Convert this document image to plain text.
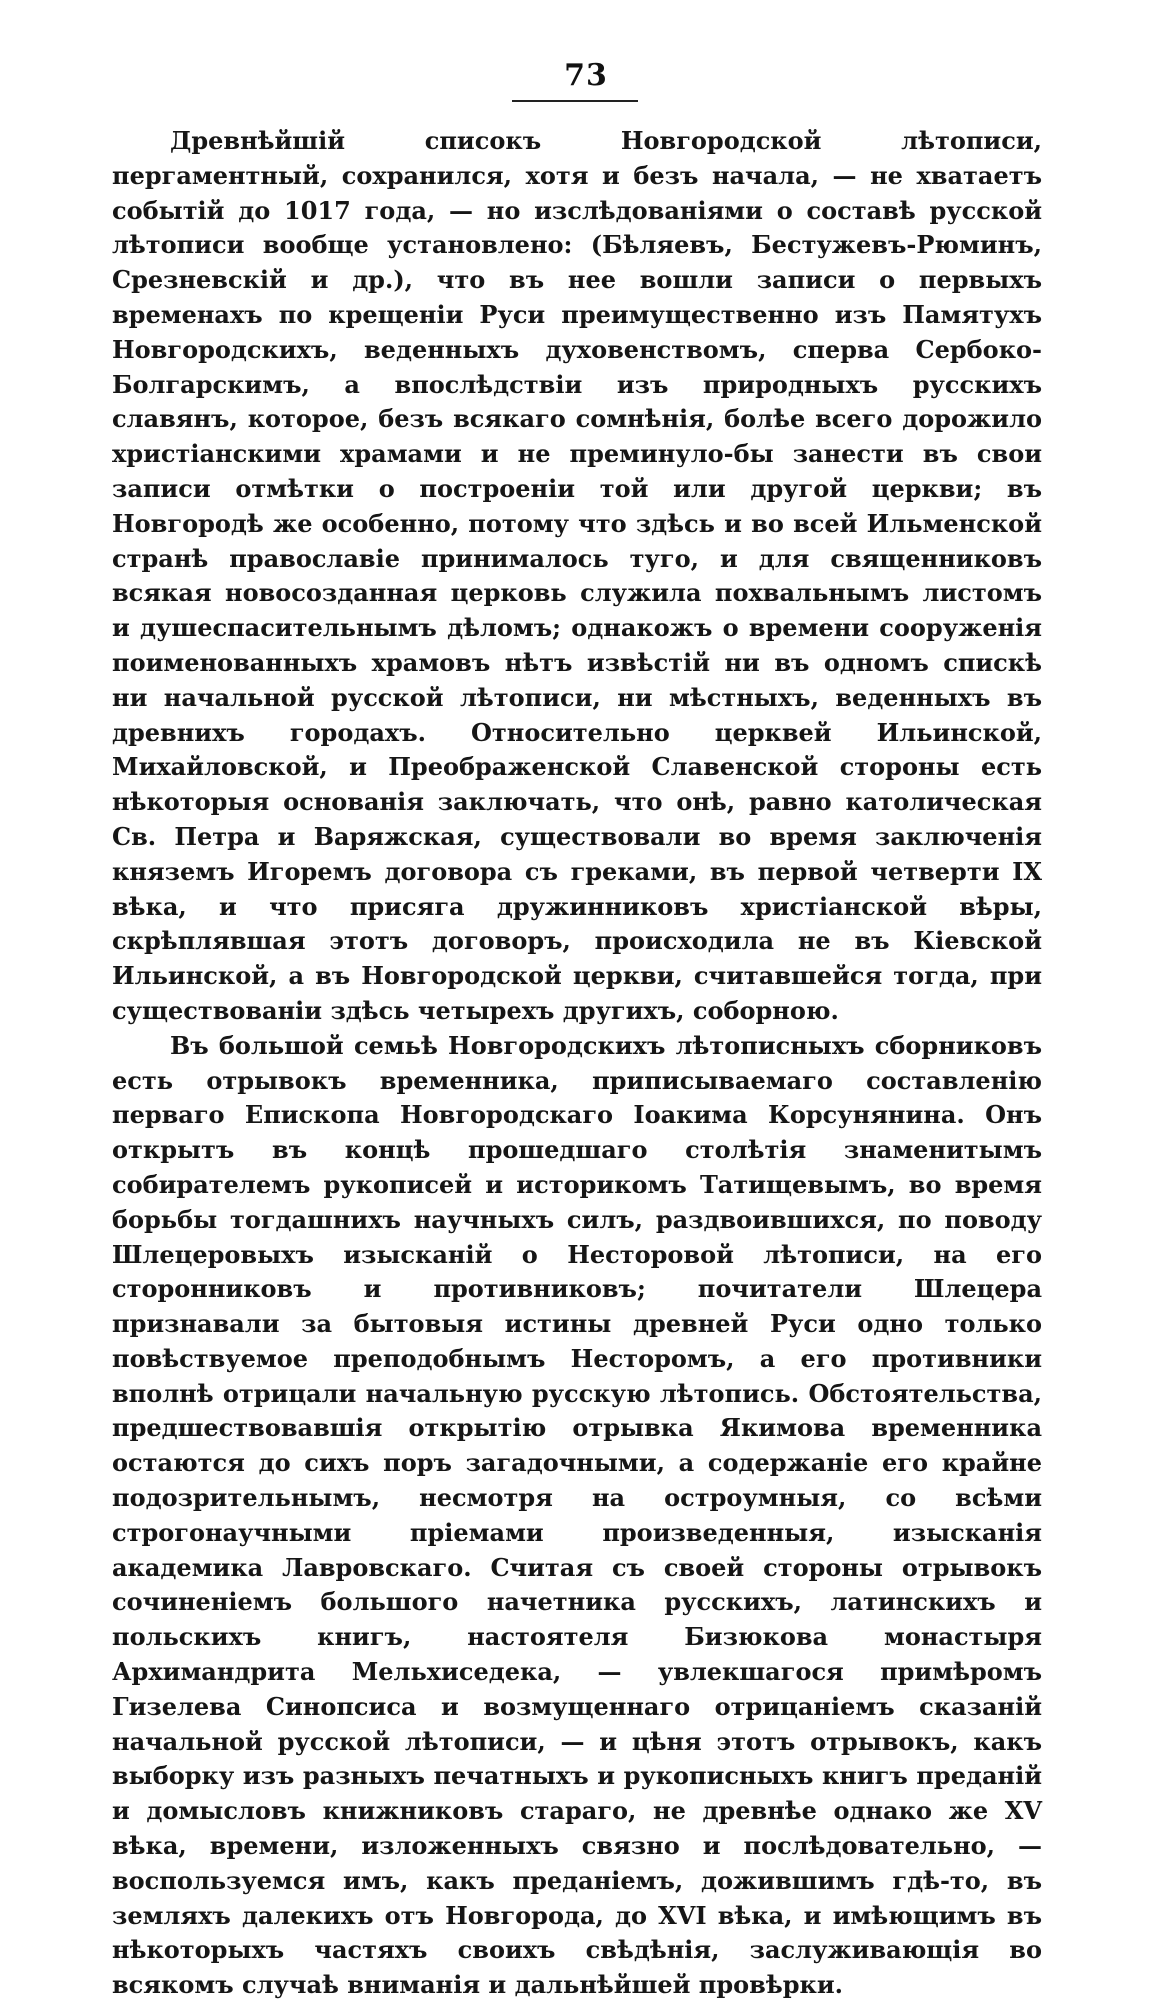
73

Древнѣйшій списокъ Новгородской лѣтописи, пергаментный, сохранился, хотя и безъ начала, — не хватаетъ событій до 1017 года, — но изслѣдованіями о составѣ русской лѣтописи вообще установлено: (Бѣляевъ, Бестужевъ-Рюминъ, Срезневскій и др.), что въ нее вошли записи о первыхъ временахъ по крещеніи Руси преимущественно изъ Памятухъ Новгородскихъ, веденныхъ духовенствомъ, сперва Сербоко-Болгарскимъ, а впослѣдствіи изъ природныхъ русскихъ славянъ, которое, безъ всякаго сомнѣнія, болѣе всего дорожило христіанскими храмами и не преминуло-бы занести въ свои записи отмѣтки о построеніи той или другой церкви; въ Новгородѣ же особенно, потому что здѣсь и во всей Ильменской странѣ православіе принималось туго, и для священниковъ всякая новосозданная церковь служила похвальнымъ листомъ и душеспасительнымъ дѣломъ; однакожъ о времени сооруженія поименованныхъ храмовъ нѣтъ извѣстій ни въ одномъ спискѣ ни начальной русской лѣтописи, ни мѣстныхъ, веденныхъ въ древнихъ городахъ. Относительно церквей Ильинской, Михайловской, и Преображенской Славенской стороны есть нѣкоторыя основанія заключать, что онѣ, равно католическая Св. Петра и Варяжская, существовали во время заключенія княземъ Игоремъ договора съ греками, въ первой четверти IX вѣка, и что присяга дружинниковъ христіанской вѣры, скрѣплявшая этотъ договоръ, происходила не въ Кіевской Ильинской, а въ Новгородской церкви, считавшейся тогда, при существованіи здѣсь четырехъ другихъ, соборною.

Въ большой семьѣ Новгородскихъ лѣтописныхъ сборниковъ есть отрывокъ временника, приписываемаго составленію перваго Епископа Новгородскаго Іоакима Корсунянина. Онъ открытъ въ концѣ прошедшаго столѣтія знаменитымъ собирателемъ рукописей и историкомъ Татищевымъ, во время борьбы тогдашнихъ научныхъ силъ, раздвоившихся, по поводу Шлецеровыхъ изысканій о Несторовой лѣтописи, на его сторонниковъ и противниковъ; почитатели Шлецера признавали за бытовыя истины древней Руси одно только повѣствуемое преподобнымъ Несторомъ, а его противники вполнѣ отрицали начальную русскую лѣтопись. Обстоятельства, предшествовавшія открытію отрывка Якимова временника остаются до сихъ поръ загадочными, а содержаніе его крайне подозрительнымъ, несмотря на остроумныя, со всѣми строгонаучными пріемами произведенныя, изысканія академика Лавровскаго. Считая съ своей стороны отрывокъ сочиненіемъ большого начетника русскихъ, латинскихъ и польскихъ книгъ, настоятеля Бизюкова монастыря Архимандрита Мельхиседека, — увлекшагося примѣромъ Гизелева Синопсиса и возмущеннаго отрицаніемъ сказаній начальной русской лѣтописи, — и цѣня этотъ отрывокъ, какъ выборку изъ разныхъ печатныхъ и рукописныхъ книгъ преданій и домысловъ книжниковъ стараго, не древнѣе однако же XV вѣка, времени, изложенныхъ связно и послѣдовательно, — воспользуемся имъ, какъ преданіемъ, дожившимъ гдѣ-то, въ земляхъ далекихъ отъ Новгорода, до XVI вѣка, и имѣющимъ въ нѣкоторыхъ частяхъ своихъ свѣдѣнія, заслуживающія во всякомъ случаѣ вниманія и дальнѣйшей провѣрки.
